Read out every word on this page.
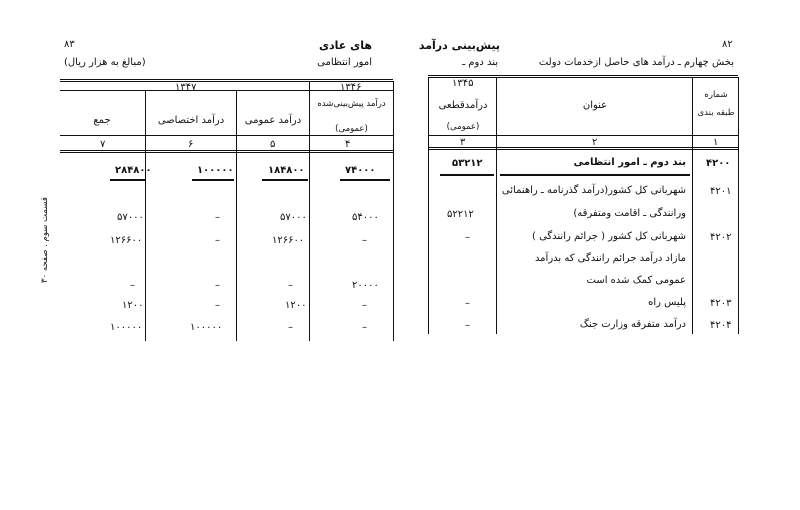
۸۳	های عادی
امور انتظامی
(مبالغ به هزار ریال)
۱۳۴۷	۱۳۴۶
درآمد پیش‌بینی‌شده
(عمومی)
درآمد عمومی
درآمد اختصاصی
جمع
۴
۵
۶
۷
۷۴۰۰۰
۱۸۴۸۰۰
۱۰۰۰۰۰
۲۸۴۸۰۰
۵۴۰۰۰
۵۷۰۰۰
–
۵۷۰۰۰
–
۱۲۶۶۰۰
–
۱۲۶۶۰۰
۲۰۰۰۰
–
–
–
–
۱۲۰۰
–
۱۲۰۰
–
–
۱۰۰۰۰۰
۱۰۰۰۰۰
قسمت سوم . صفحه ۳۰
۸۲
پیش‌بینی درآمد
بخش چهارم ـ درآمد های حاصل ازخدمات دولت
بند دوم ـ
۱۳۴۵
درآمدقطعی
(عمومی)
عنوان
شماره
طبقه بندی
۱
۲
۳
۴۲۰۰
بند دوم ـ امور انتظامی
۵۳۲۱۲
۴۲۰۱
شهربانی کل کشور(درآمد گذرنامه ـ راهنمائی
ورانندگی ـ اقامت ومتفرقه)
۵۲۲۱۲
۴۲۰۲
شهربانی کل کشور ( جرائم رانندگی )
مازاد درآمد جرائم رانندگی که بدرآمد
عمومی کمک شده است
–
۴۲۰۳
پلیس راه
–
۴۲۰۴
درآمد متفرقه وزارت جنگ
–
